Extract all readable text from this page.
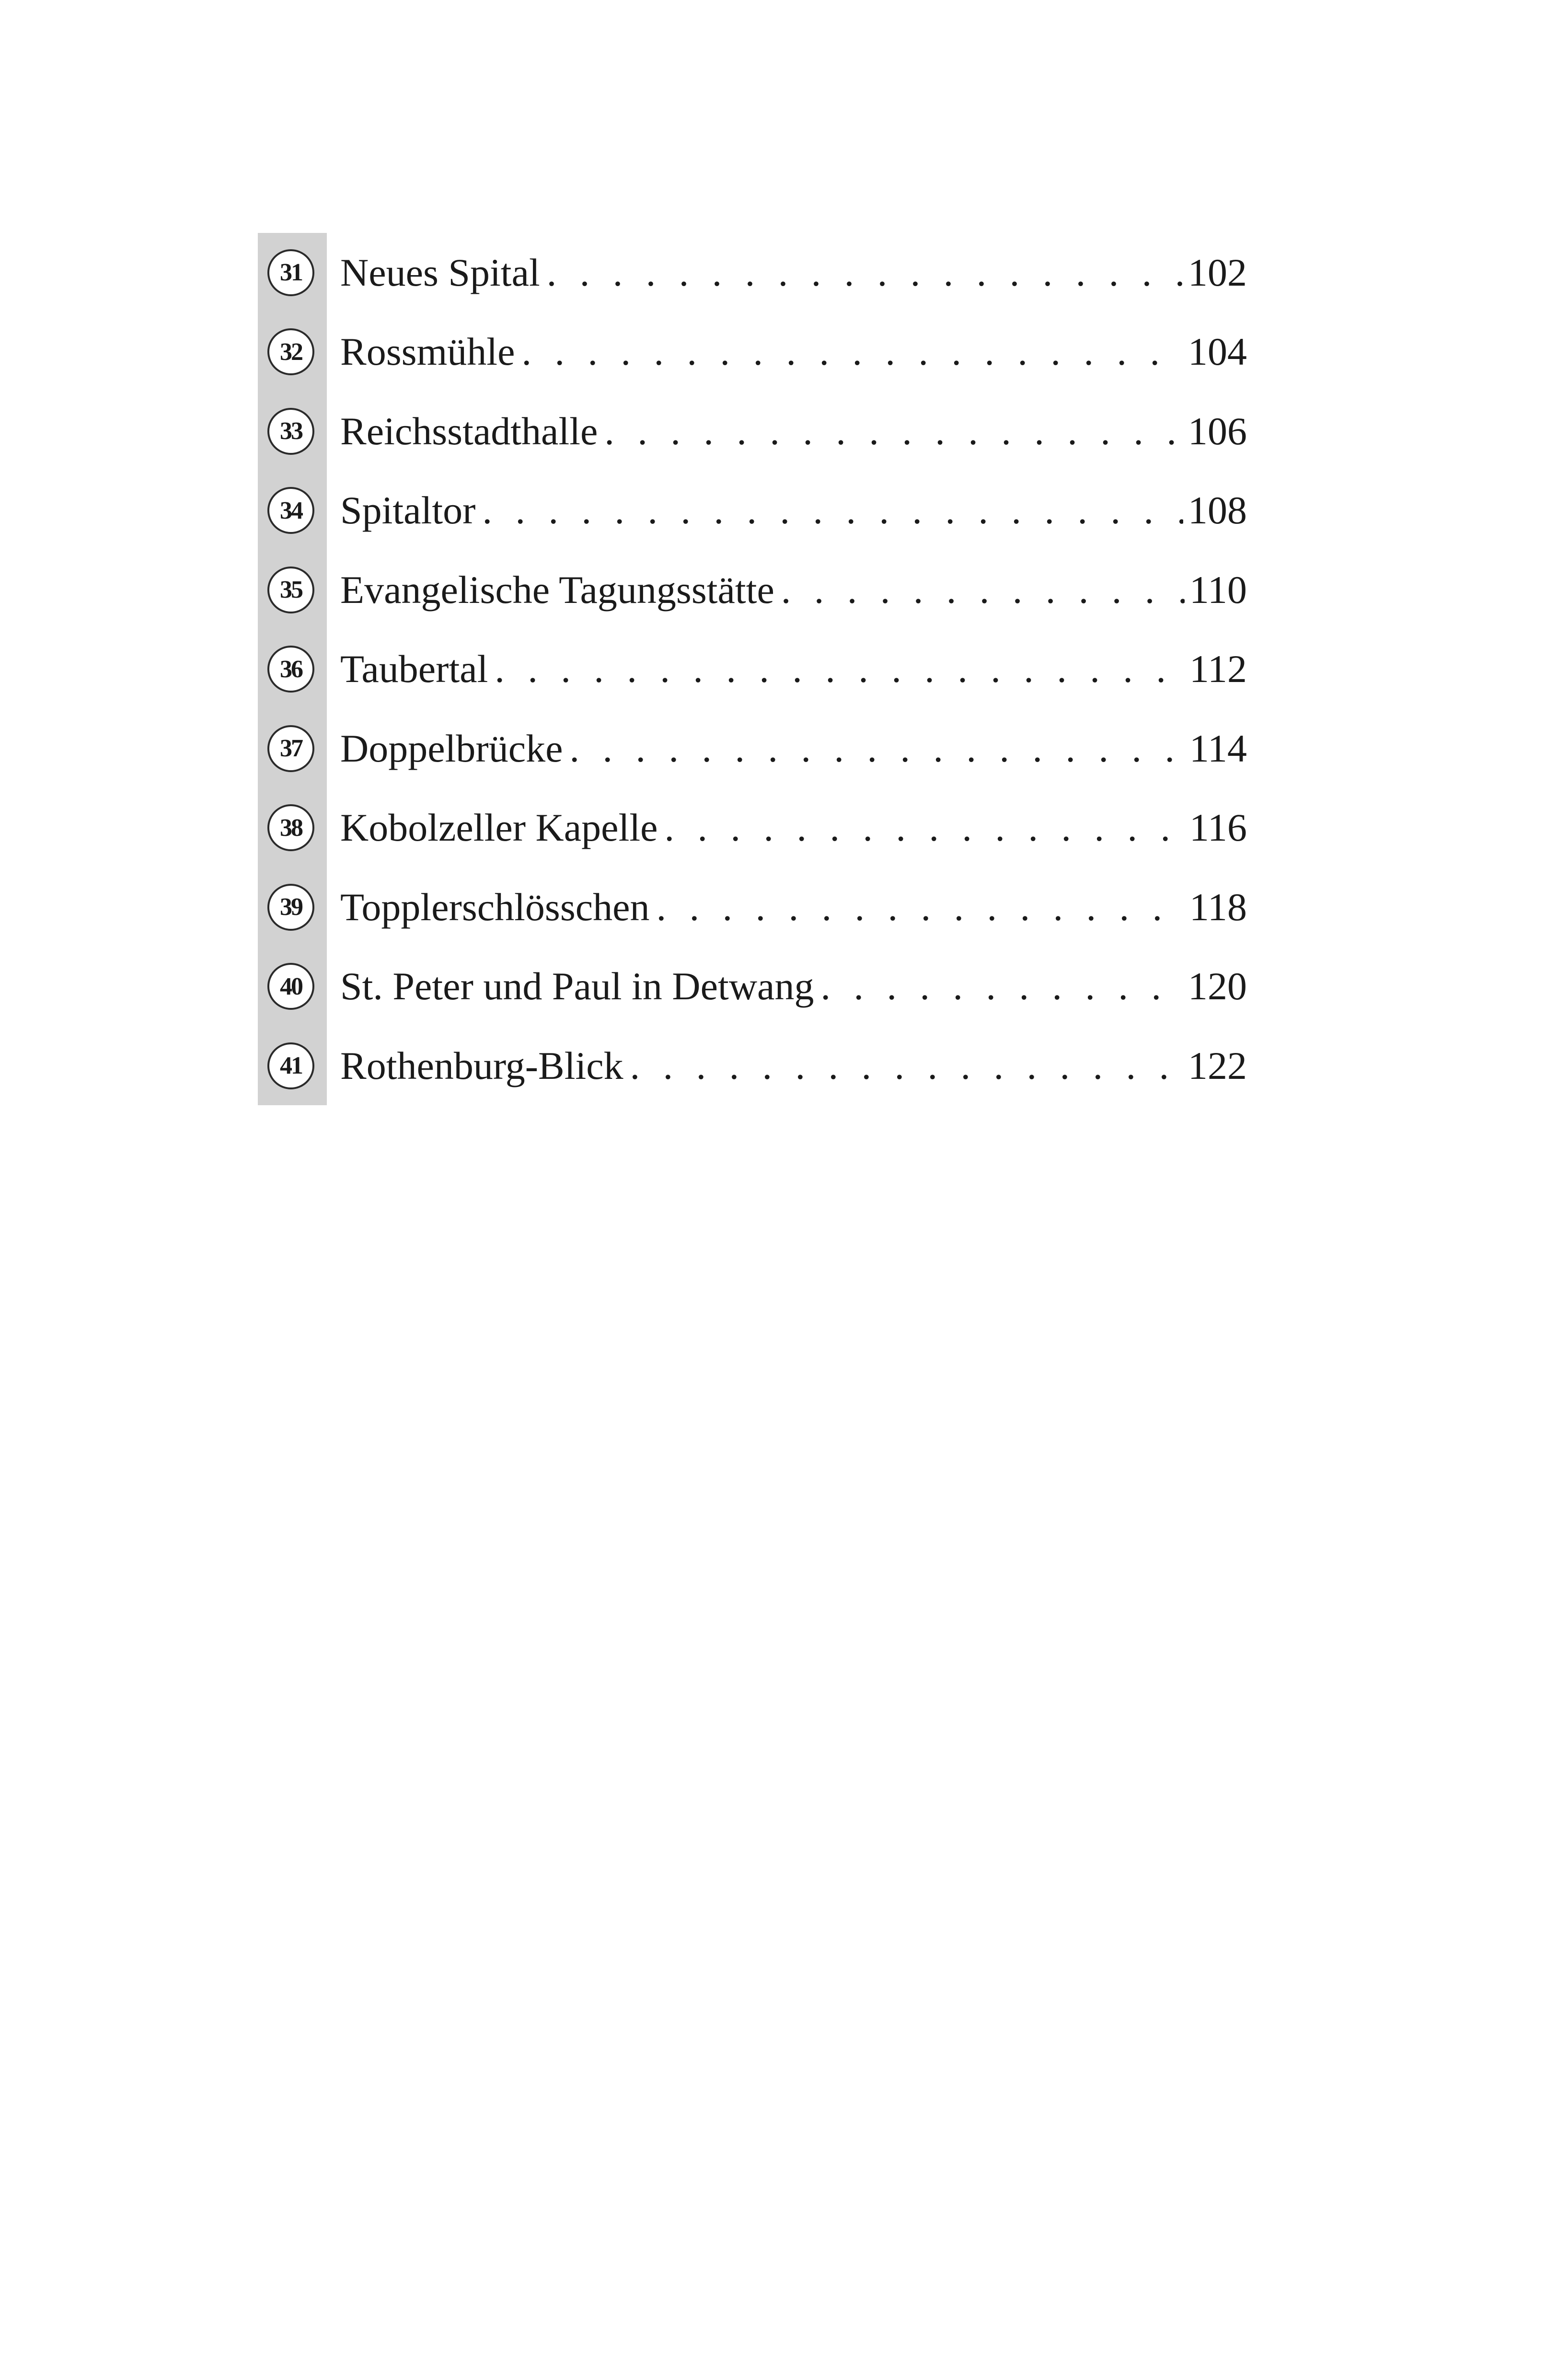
31 Neues Spital . . .	102
32 Rossmühle . . .	104
33 Reichsstadthalle . . .	106
34 Spitaltor . . .	108
35 Evangelische Tagungsstätte . . .	110
36 Taubertal . . .	112
37 Doppelbrücke . . .	114
38 Kobolzeller Kapelle . . .	116
39 Topplerschlösschen . . .	118
40 St. Peter und Paul in Detwang . . .	120
41 Rothenburg-Blick . . .	122
